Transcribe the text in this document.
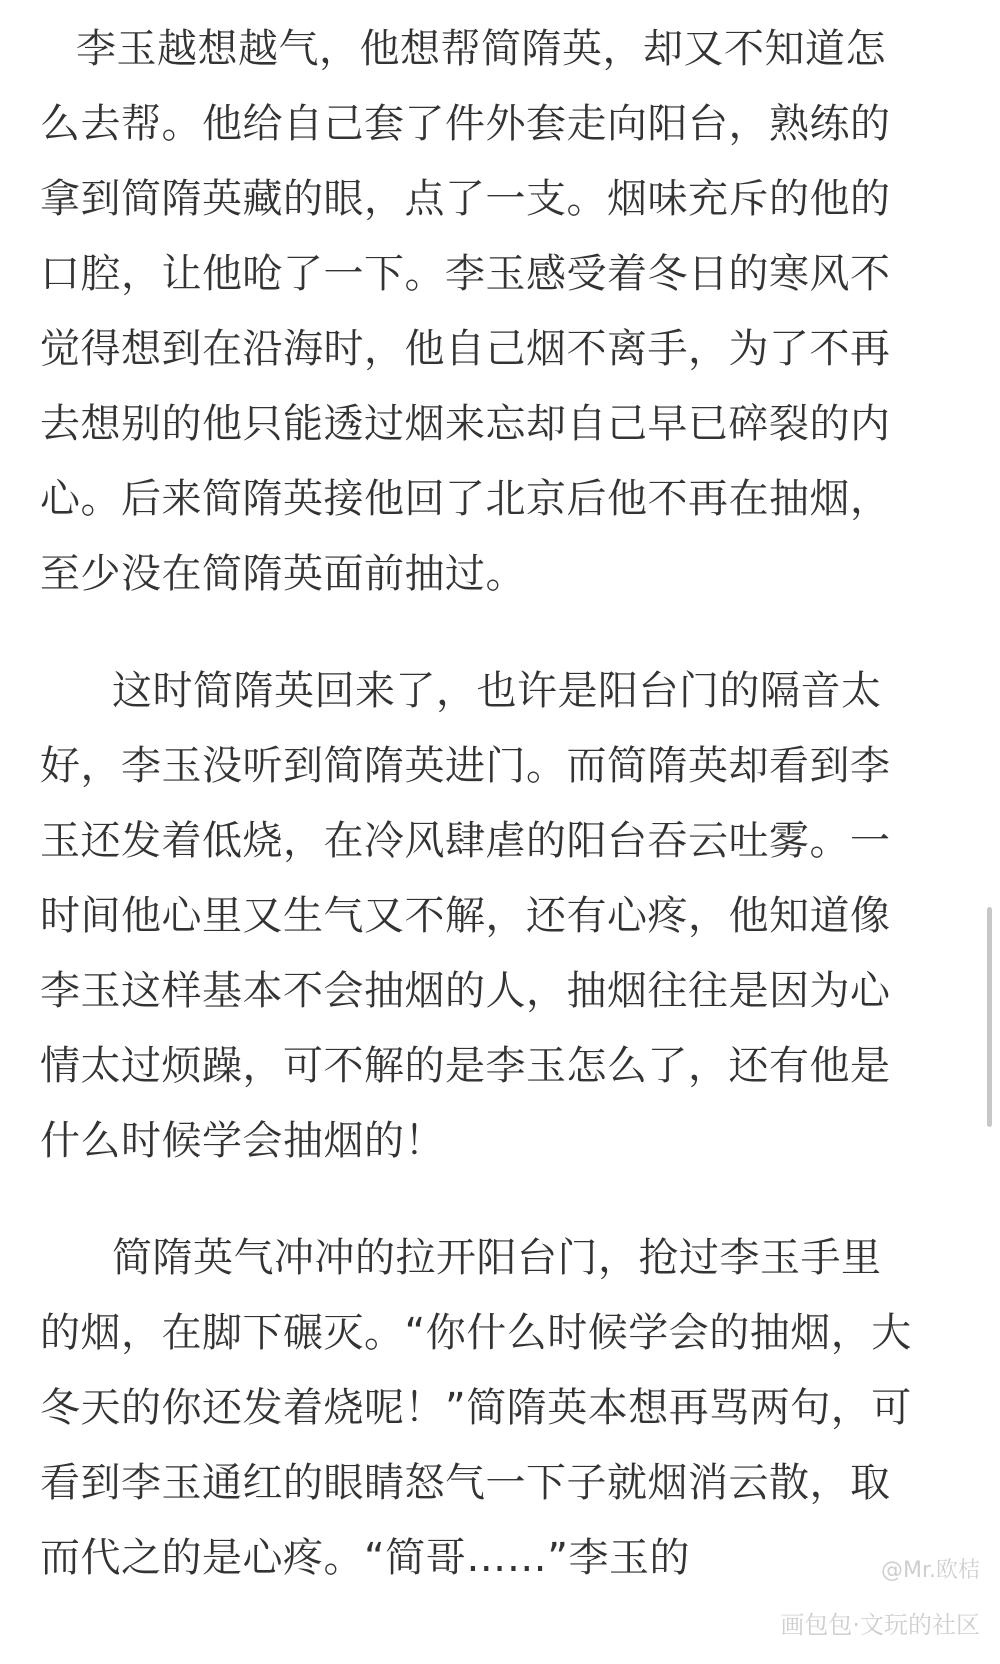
李玉越想越气，他想帮简隋英，却又不知道怎么去帮。他给自己套了件外套走向阳台，熟练的拿到简隋英藏的眼，点了一支。烟味充斥的他的口腔，让他呛了一下。李玉感受着冬日的寒风不觉得想到在沿海时，他自己烟不离手，为了不再去想别的他只能透过烟来忘却自己早已碎裂的内心。后来简隋英接他回了北京后他不再在抽烟，至少没在简隋英面前抽过。

这时简隋英回来了，也许是阳台门的隔音太好，李玉没听到简隋英进门。而简隋英却看到李玉还发着低烧，在冷风肆虐的阳台吞云吐雾。一时间他心里又生气又不解，还有心疼，他知道像李玉这样基本不会抽烟的人，抽烟往往是因为心情太过烦躁，可不解的是李玉怎么了，还有他是什么时候学会抽烟的！

简隋英气冲冲的拉开阳台门，抢过李玉手里的烟，在脚下碾灭。“你什么时候学会的抽烟，大冬天的你还发着烧呢！”简隋英本想再骂两句，可看到李玉通红的眼睛怒气一下子就烟消云散，取而代之的是心疼。“简哥……”李玉的	@Mr.欧桔
画包包·文玩的社区
